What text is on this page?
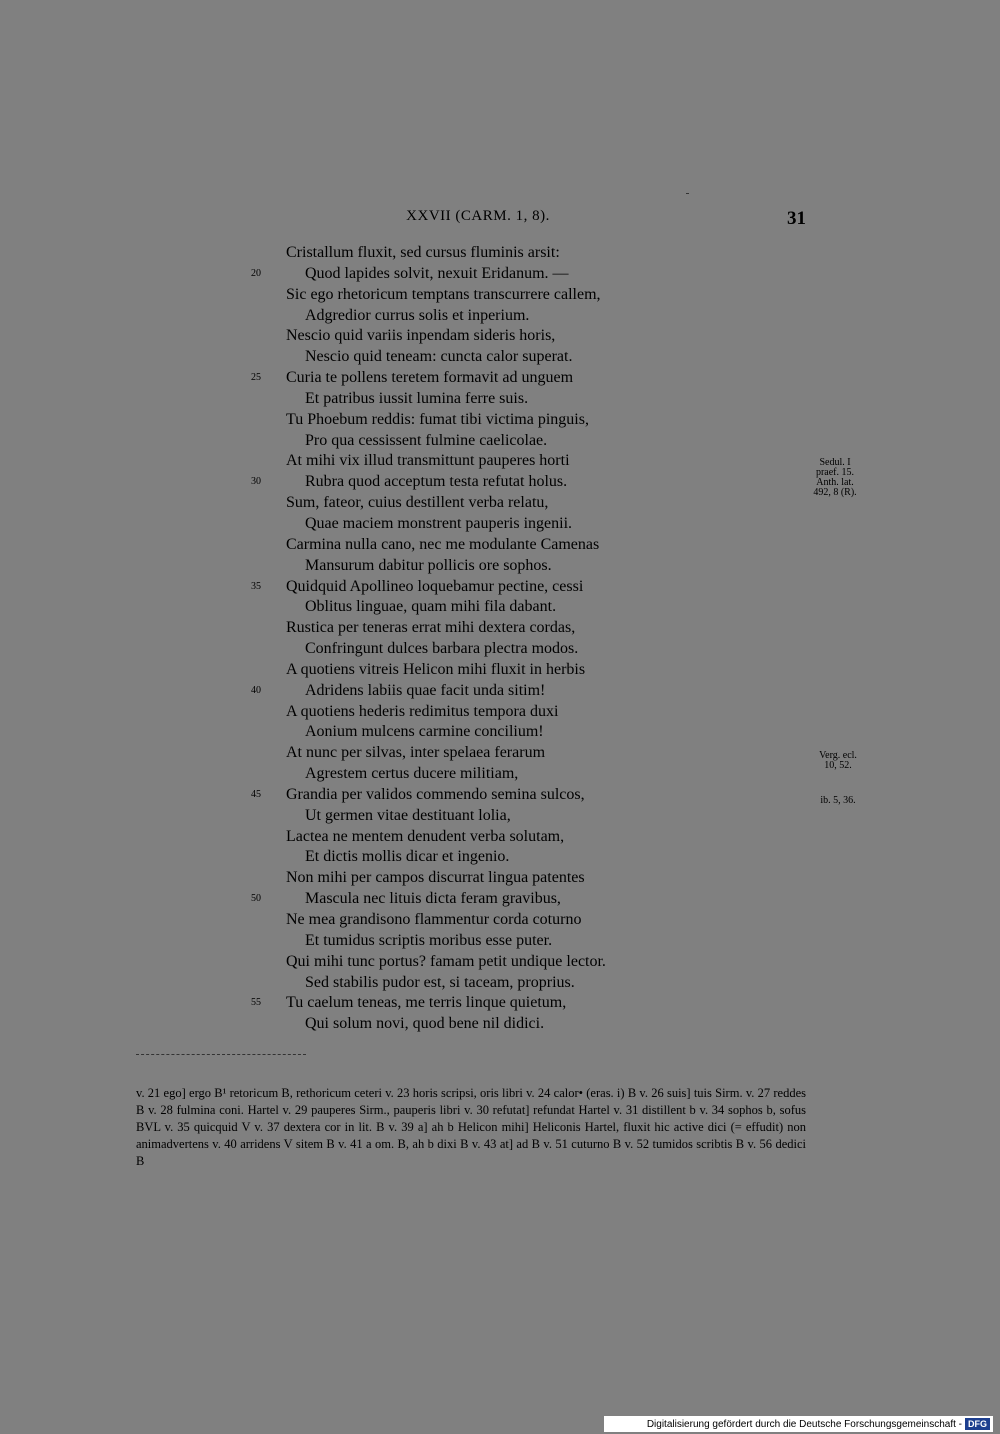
XXVII (CARM. 1, 8).	31
Cristallum fluxit, sed cursus fluminis arsit:
20	Quod lapides solvit, nexuit Eridanum. —
Sic ego rhetoricum temptans transcurrere callem,
Adgredior currus solis et inperium.
Nescio quid variis inpendam sideris horis,
Nescio quid teneam: cuncta calor superat.
25	Curia te pollens teretem formavit ad unguem
Et patribus iussit lumina ferre suis.
Tu Phoebum reddis: fumat tibi victima pinguis,
Pro qua cessissent fulmine caelicolae.
At mihi vix illud transmittunt pauperes horti
30	Rubra quod acceptum testa refutat holus.
Sum, fateor, cuius destillent verba relatu,
Quae maciem monstrent pauperis ingenii.
Carmina nulla cano, nec me modulante Camenas
Mansurum dabitur pollicis ore sophos.
35	Quidquid Apollineo loquebamur pectine, cessi
Oblitus linguae, quam mihi fila dabant.
Rustica per teneras errat mihi dextera cordas,
Confringunt dulces barbara plectra modos.
A quotiens vitreis Helicon mihi fluxit in herbis
40	Adridens labiis quae facit unda sitim!
A quotiens hederis redimitus tempora duxi
Aonium mulcens carmine concilium!
At nunc per silvas, inter spelaea ferarum
Agrestem certus ducere militiam,
45	Grandia per validos commendo semina sulcos,
Ut germen vitae destituant lolia,
Lactea ne mentem denudent verba solutam,
Et dictis mollis dicar et ingenio.
Non mihi per campos discurrat lingua patentes
50	Mascula nec lituis dicta feram gravibus,
Ne mea grandisono flammentur corda coturno
Et tumidus scriptis moribus esse puter.
Qui mihi tunc portus? famam petit undique lector.
Sed stabilis pudor est, si taceam, proprius.
55	Tu caelum teneas, me terris linque quietum,
Qui solum novi, quod bene nil didici.
Sedul. I
praef. 15.
Anth. lat.
492, 8 (R).
Verg. ecl.
10, 52.
ib. 5, 36.

v. 21 ego] ergo B¹ retoricum B, rethoricum ceteri v. 23 horis scripsi, oris libri v. 24 calor• (eras. i) B v. 26 suis] tuis Sirm. v. 27 reddes B v. 28 fulmina coni. Hartel v. 29 pauperes Sirm., pauperis libri v. 30 refutat] refundat Hartel v. 31 distillent b v. 34 sophos b, sofus BVL v. 35 quicquid V v. 37 dextera cor in lit. B v. 39 a] ah b Helicon mihi] Heliconis Hartel, fluxit hic active dici (= effudit) non animadvertens v. 40 arridens V sitem B v. 41 a om. B, ah b dixi B v. 43 at] ad B v. 51 cuturno B v. 52 tumidos scribtis B v. 56 dedici B

Digitalisierung gefördert durch die Deutsche Forschungsgemeinschaft - DFG
